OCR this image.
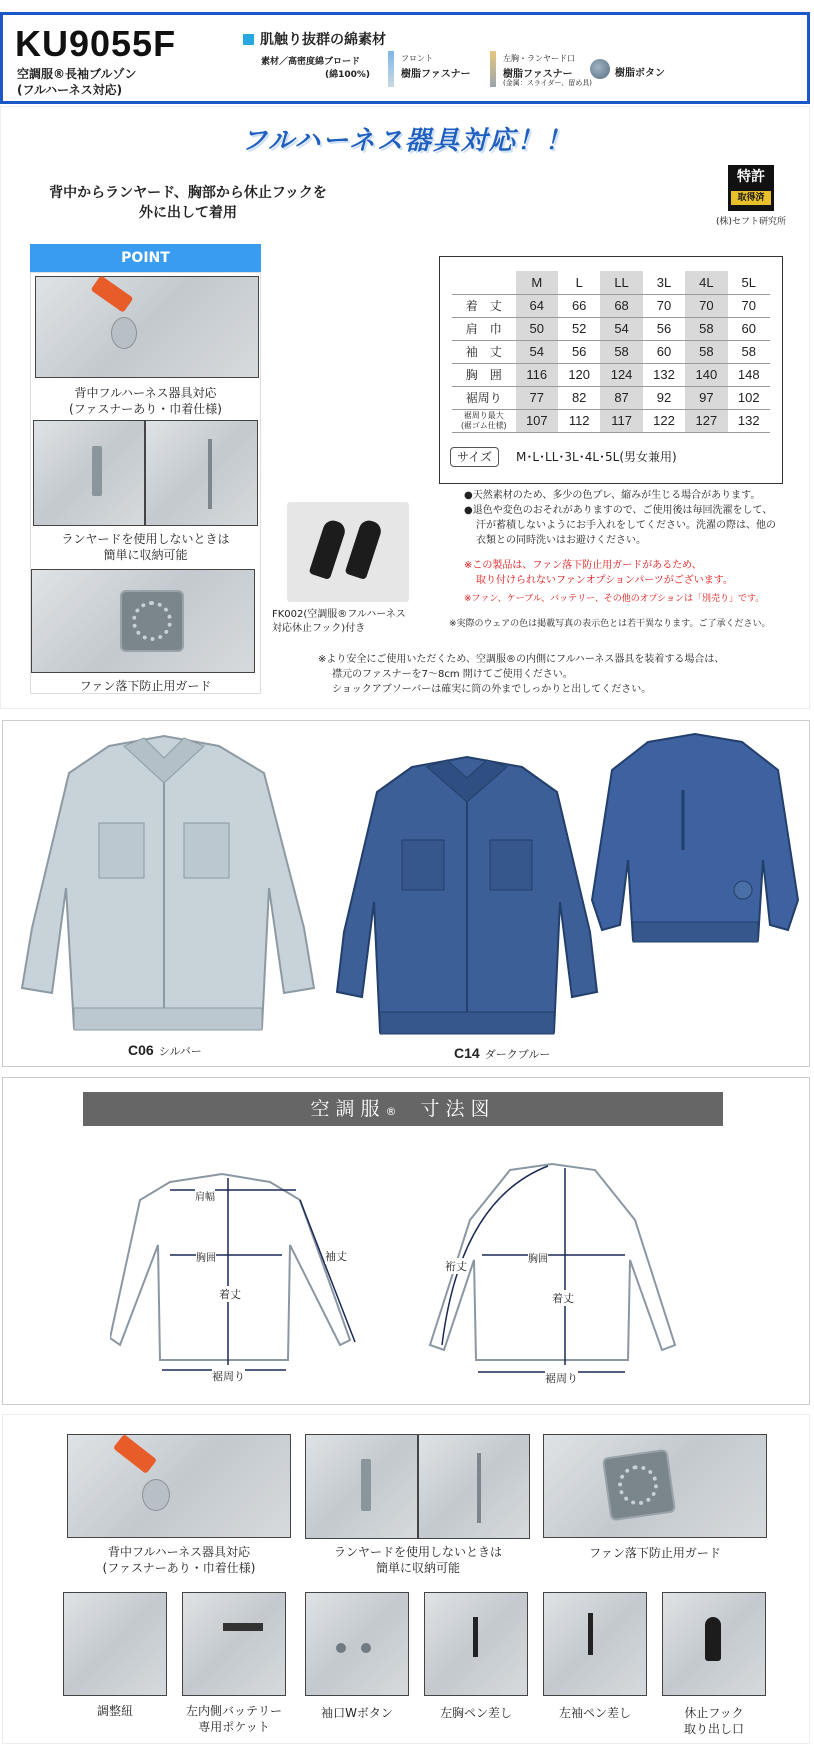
KU9055F
空調服®長袖ブルゾン
(フルハーネス対応)
肌触り抜群の綿素材
素材／高密度綿ブロード
(綿100%)
フロント
樹脂ファスナー
左胸・ランヤード口
樹脂ファスナー
(金属：スライダー、留め具)
樹脂ボタン
フルハーネス器具対応！！
背中からランヤード、胸部から休止フックを
外に出して着用
特許
取得済
(株)セフト研究所
POINT
背中フルハーネス器具対応
(ファスナーあり・巾着仕様)
ランヤードを使用しないときは
簡単に収納可能
ファン落下防止用ガード
FK002(空調服®フルハーネス
対応休止フック)付き
	M	L	LL	3L	4L	5L
着　丈	64	66	68	70	70	70
肩　巾	50	52	54	56	58	60
袖　丈	54	56	58	60	58	58
胸　囲	116	120	124	132	140	148
裾周り	77	82	87	92	97	102

裾周り最大
(裾ゴム仕様)	107	112	117	122	127	132
サイズ	M･L･LL･3L･4L･5L(男女兼用)
●天然素材のため、多少の色ブレ、縮みが生じる場合があります。
●退色や変色のおそれがありますので、ご使用後は毎回洗濯をして、
汗が蓄積しないようにお手入れをしてください。洗濯の際は、他の
衣類との同時洗いはお避けください。
※この製品は、ファン落下防止用ガードがあるため、
取り付けられないファンオプションパーツがございます。
※ファン、ケーブル、バッテリー、その他のオプションは「別売り」です。
※実際のウェアの色は掲載写真の表示色とは若干異なります。ご了承ください。
※より安全にご使用いただくため、空調服®の内側にフルハーネス器具を装着する場合は、
襟元のファスナーを7〜8cm 開けてご使用ください。
ショックアブソーバーは確実に筒の外までしっかりと出してください。
C06 シルバー	C14 ダークブルー
空調服® 寸法図
肩幅
胸囲
着丈
袖丈
裾周り
裄丈
胸囲
着丈
裾周り
背中フルハーネス器具対応
(ファスナーあり・巾着仕様)
ランヤードを使用しないときは
簡単に収納可能
ファン落下防止用ガード
調整紐	左内側バッテリー
専用ポケット
袖口Wボタン	左胸ペン差し	左袖ペン差し	休止フック
取り出し口
